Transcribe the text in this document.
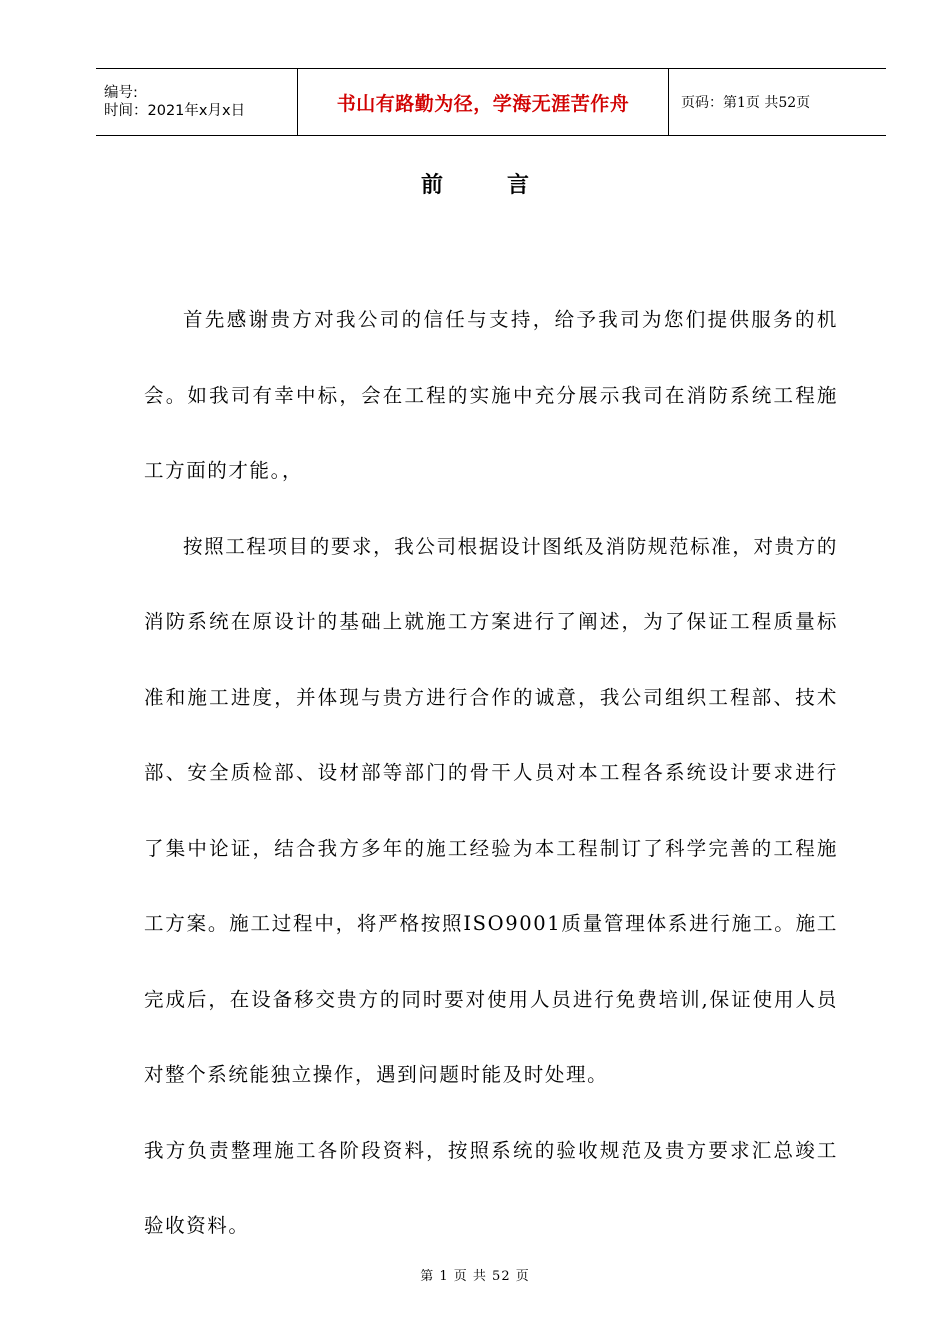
编号:
时间：2021年x月x日	书山有路勤为径，学海无涯苦作舟	页码：第1页 共52页
前言

首先感谢贵方对我公司的信任与支持，给予我司为您们提供服务的机会。如我司有幸中标，会在工程的实施中充分展示我司在消防系统工程施工方面的才能。，

按照工程项目的要求，我公司根据设计图纸及消防规范标准，对贵方的消防系统在原设计的基础上就施工方案进行了阐述，为了保证工程质量标准和施工进度，并体现与贵方进行合作的诚意，我公司组织工程部、技术部、安全质检部、设材部等部门的骨干人员对本工程各系统设计要求进行了集中论证，结合我方多年的施工经验为本工程制订了科学完善的工程施工方案。施工过程中，将严格按照ISO9001质量管理体系进行施工。施工完成后，在设备移交贵方的同时要对使用人员进行免费培训,保证使用人员对整个系统能独立操作，遇到问题时能及时处理。

我方负责整理施工各阶段资料，按照系统的验收规范及贵方要求汇总竣工验收资料。

第 1 页 共 52 页
